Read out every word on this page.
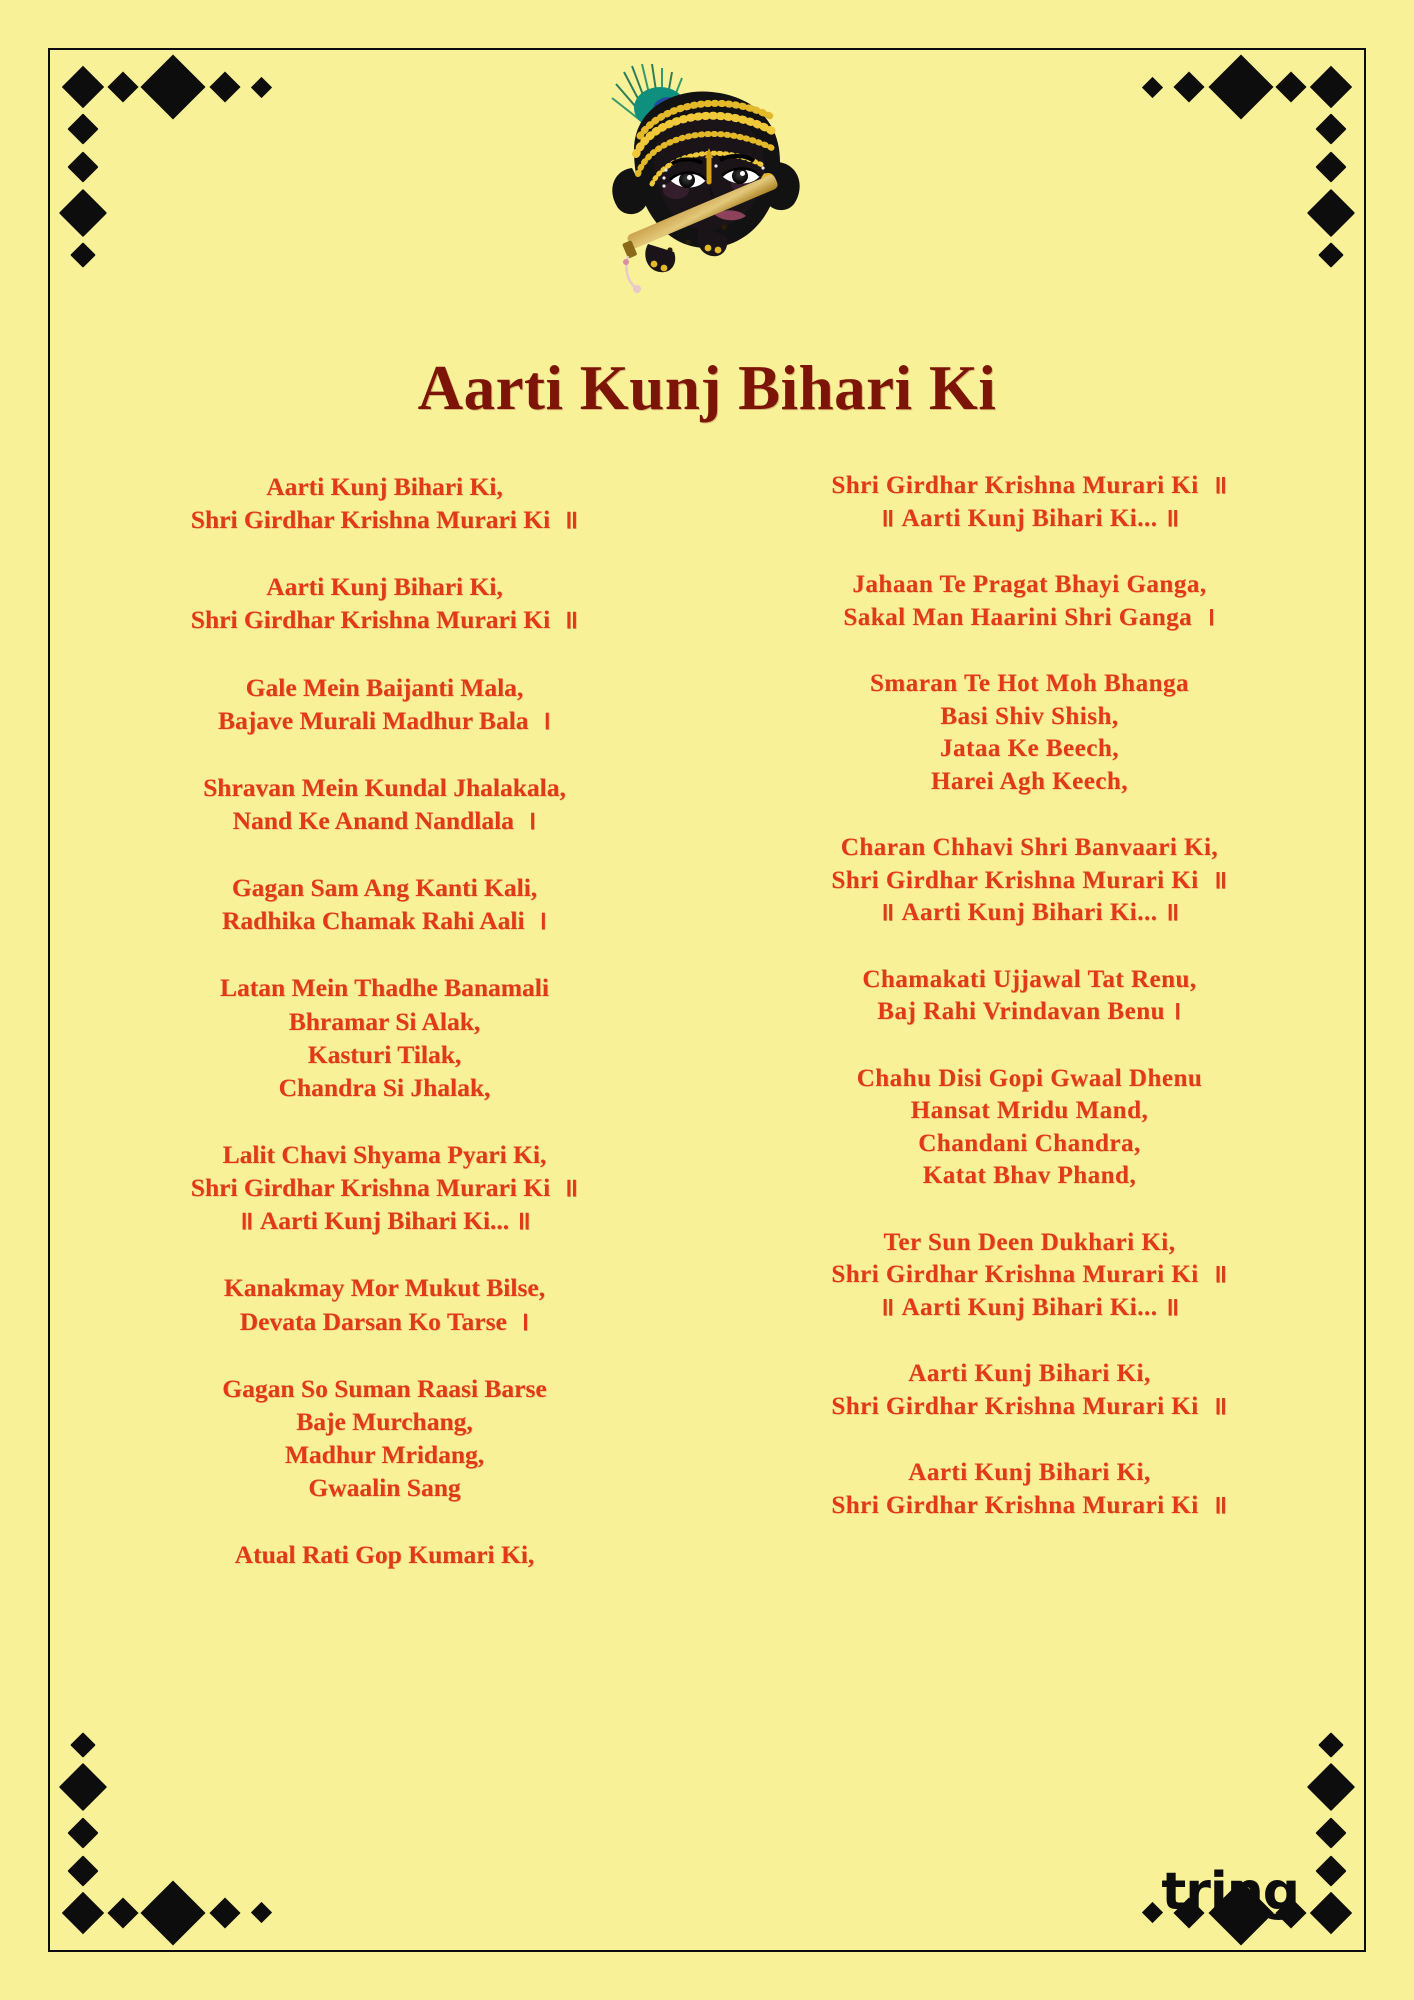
Aarti Kunj Bihari Ki
Aarti Kunj Bihari Ki,
Shri Girdhar Krishna Murari Ki  ॥
Aarti Kunj Bihari Ki,
Shri Girdhar Krishna Murari Ki  ॥
Gale Mein Baijanti Mala,
Bajave Murali Madhur Bala  ।
Shravan Mein Kundal Jhalakala,
Nand Ke Anand Nandlala  ।
Gagan Sam Ang Kanti Kali,
Radhika Chamak Rahi Aali  ।
Latan Mein Thadhe Banamali
Bhramar Si Alak,
Kasturi Tilak,
Chandra Si Jhalak,
Lalit Chavi Shyama Pyari Ki,
Shri Girdhar Krishna Murari Ki  ॥
॥ Aarti Kunj Bihari Ki... ॥
Kanakmay Mor Mukut Bilse,
Devata Darsan Ko Tarse  ।
Gagan So Suman Raasi Barse
Baje Murchang,
Madhur Mridang,
Gwaalin Sang
Atual Rati Gop Kumari Ki,
Shri Girdhar Krishna Murari Ki  ॥
॥ Aarti Kunj Bihari Ki... ॥
Jahaan Te Pragat Bhayi Ganga,
Sakal Man Haarini Shri Ganga  ।
Smaran Te Hot Moh Bhanga
Basi Shiv Shish,
Jataa Ke Beech,
Harei Agh Keech,
Charan Chhavi Shri Banvaari Ki,
Shri Girdhar Krishna Murari Ki  ॥
॥ Aarti Kunj Bihari Ki... ॥
Chamakati Ujjawal Tat Renu,
Baj Rahi Vrindavan Benu ।
Chahu Disi Gopi Gwaal Dhenu
Hansat Mridu Mand,
Chandani Chandra,
Katat Bhav Phand,
Ter Sun Deen Dukhari Ki,
Shri Girdhar Krishna Murari Ki  ॥
॥ Aarti Kunj Bihari Ki... ॥
Aarti Kunj Bihari Ki,
Shri Girdhar Krishna Murari Ki  ॥
Aarti Kunj Bihari Ki,
Shri Girdhar Krishna Murari Ki  ॥
tring
